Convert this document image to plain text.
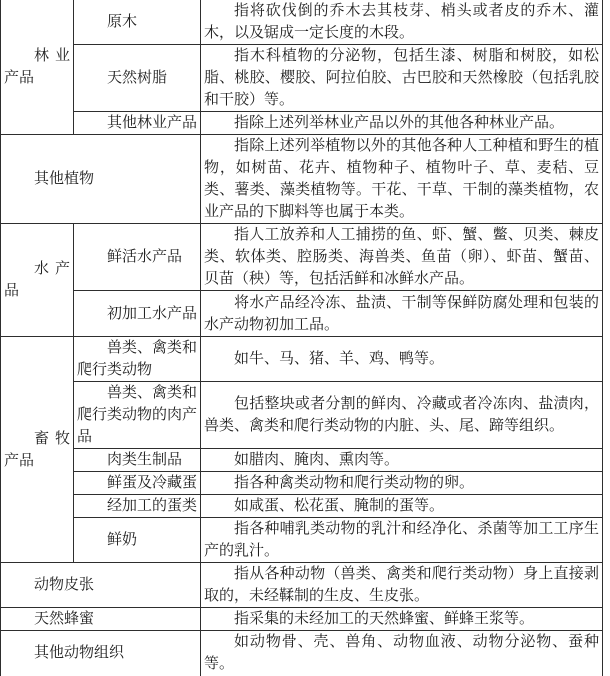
林业产品	原木	指将砍伐倒的乔木去其枝芽、梢头或者皮的乔木、灌木，以及锯成一定长度的木段。
	天然树脂	指木科植物的分泌物，包括生漆、树脂和树胶，如松脂、桃胶、樱胶、阿拉伯胶、古巴胶和天然橡胶（包括乳胶和干胶）等。
	其他林业产品	指除上述列举林业产品以外的其他各种林业产品。
其他植物		指除上述列举植物以外的其他各种人工种植和野生的植物，如树苗、花卉、植物种子、植物叶子、草、麦秸、豆类、薯类、藻类植物等。干花、干草、干制的藻类植物，农业产品的下脚料等也属于本类。
水产品	鲜活水产品	指人工放养和人工捕捞的鱼、虾、蟹、鳖、贝类、棘皮类、软体类、腔肠类、海兽类、鱼苗（卵）、虾苗、蟹苗、贝苗（秧）等，包括活鲜和冰鲜水产品。
	初加工水产品	将水产品经冷冻、盐渍、干制等保鲜防腐处理和包装的水产动物初加工品。
畜牧产品	兽类、禽类和爬行类动物	如牛、马、猪、羊、鸡、鸭等。
	兽类、禽类和爬行类动物的肉产品	包括整块或者分割的鲜肉、冷藏或者冷冻肉、盐渍肉，兽类、禽类和爬行类动物的内脏、头、尾、蹄等组织。
	肉类生制品	如腊肉、腌肉、熏肉等。
	鲜蛋及冷藏蛋	指各种禽类动物和爬行类动物的卵。
	经加工的蛋类	如咸蛋、松花蛋、腌制的蛋等。
	鲜奶	指各种哺乳类动物的乳汁和经净化、杀菌等加工工序生产的乳汁。
动物皮张		指从各种动物（兽类、禽类和爬行类动物）身上直接剥取的，未经鞣制的生皮、生皮张。
天然蜂蜜		指采集的未经加工的天然蜂蜜、鲜蜂王浆等。
其他动物组织		如动物骨、壳、兽角、动物血液、动物分泌物、蚕种等。
